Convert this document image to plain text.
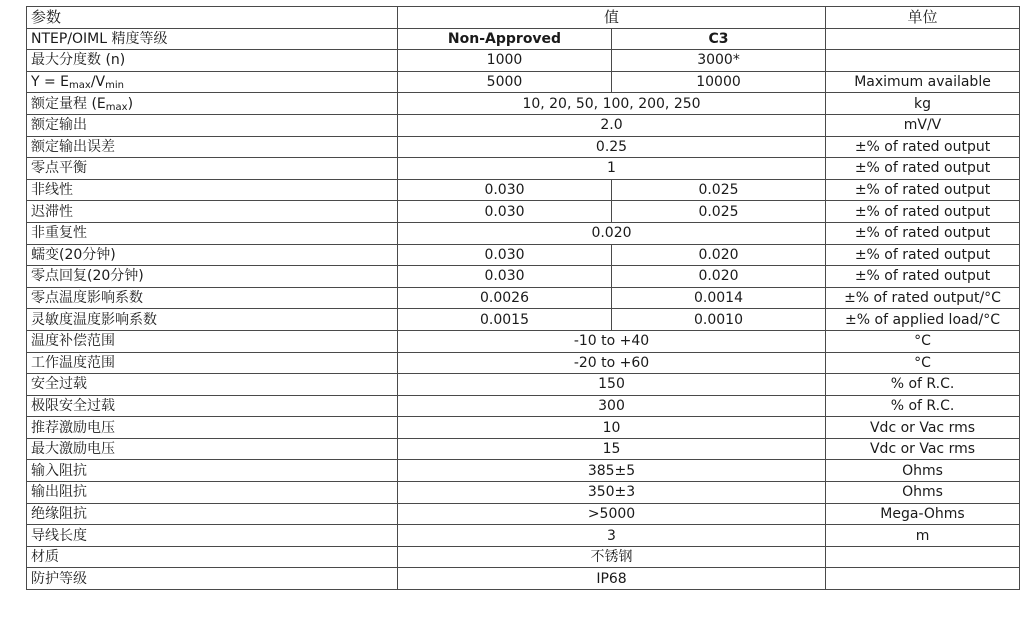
参数	值		单位
NTEP/OIML 精度等级	Non-Approved	C3	
最大分度数 (n)	1000	3000*	
$Y = E_{max}/V_{min}$	5000	10000	Maximum available
额定量程 $(E_{max})$	10, 20, 50, 100, 200, 250		kg
额定输出	2.0		mV/V
额定输出误差	0.25		±% of rated output
零点平衡	1		±% of rated output
非线性	0.030	0.025	±% of rated output
迟滞性	0.030	0.025	±% of rated output
非重复性	0.020		±% of rated output
蠕变(20分钟)	0.030	0.020	±% of rated output
零点回复(20分钟)	0.030	0.020	±% of rated output
零点温度影响系数	0.0026	0.0014	±% of rated output/°C
灵敏度温度影响系数	0.0015	0.0010	±% of applied load/°C
温度补偿范围	-10 to +40		°C
工作温度范围	-20 to +60		°C
安全过载	150		% of R.C.
极限安全过载	300		% of R.C.
推荐激励电压	10		Vdc or Vac rms
最大激励电压	15		Vdc or Vac rms
输入阻抗	385±5		Ohms
输出阻抗	350±3		Ohms
绝缘阻抗	>5000		Mega-Ohms
导线长度	3		m
材质	不锈钢		
防护等级	IP68		
